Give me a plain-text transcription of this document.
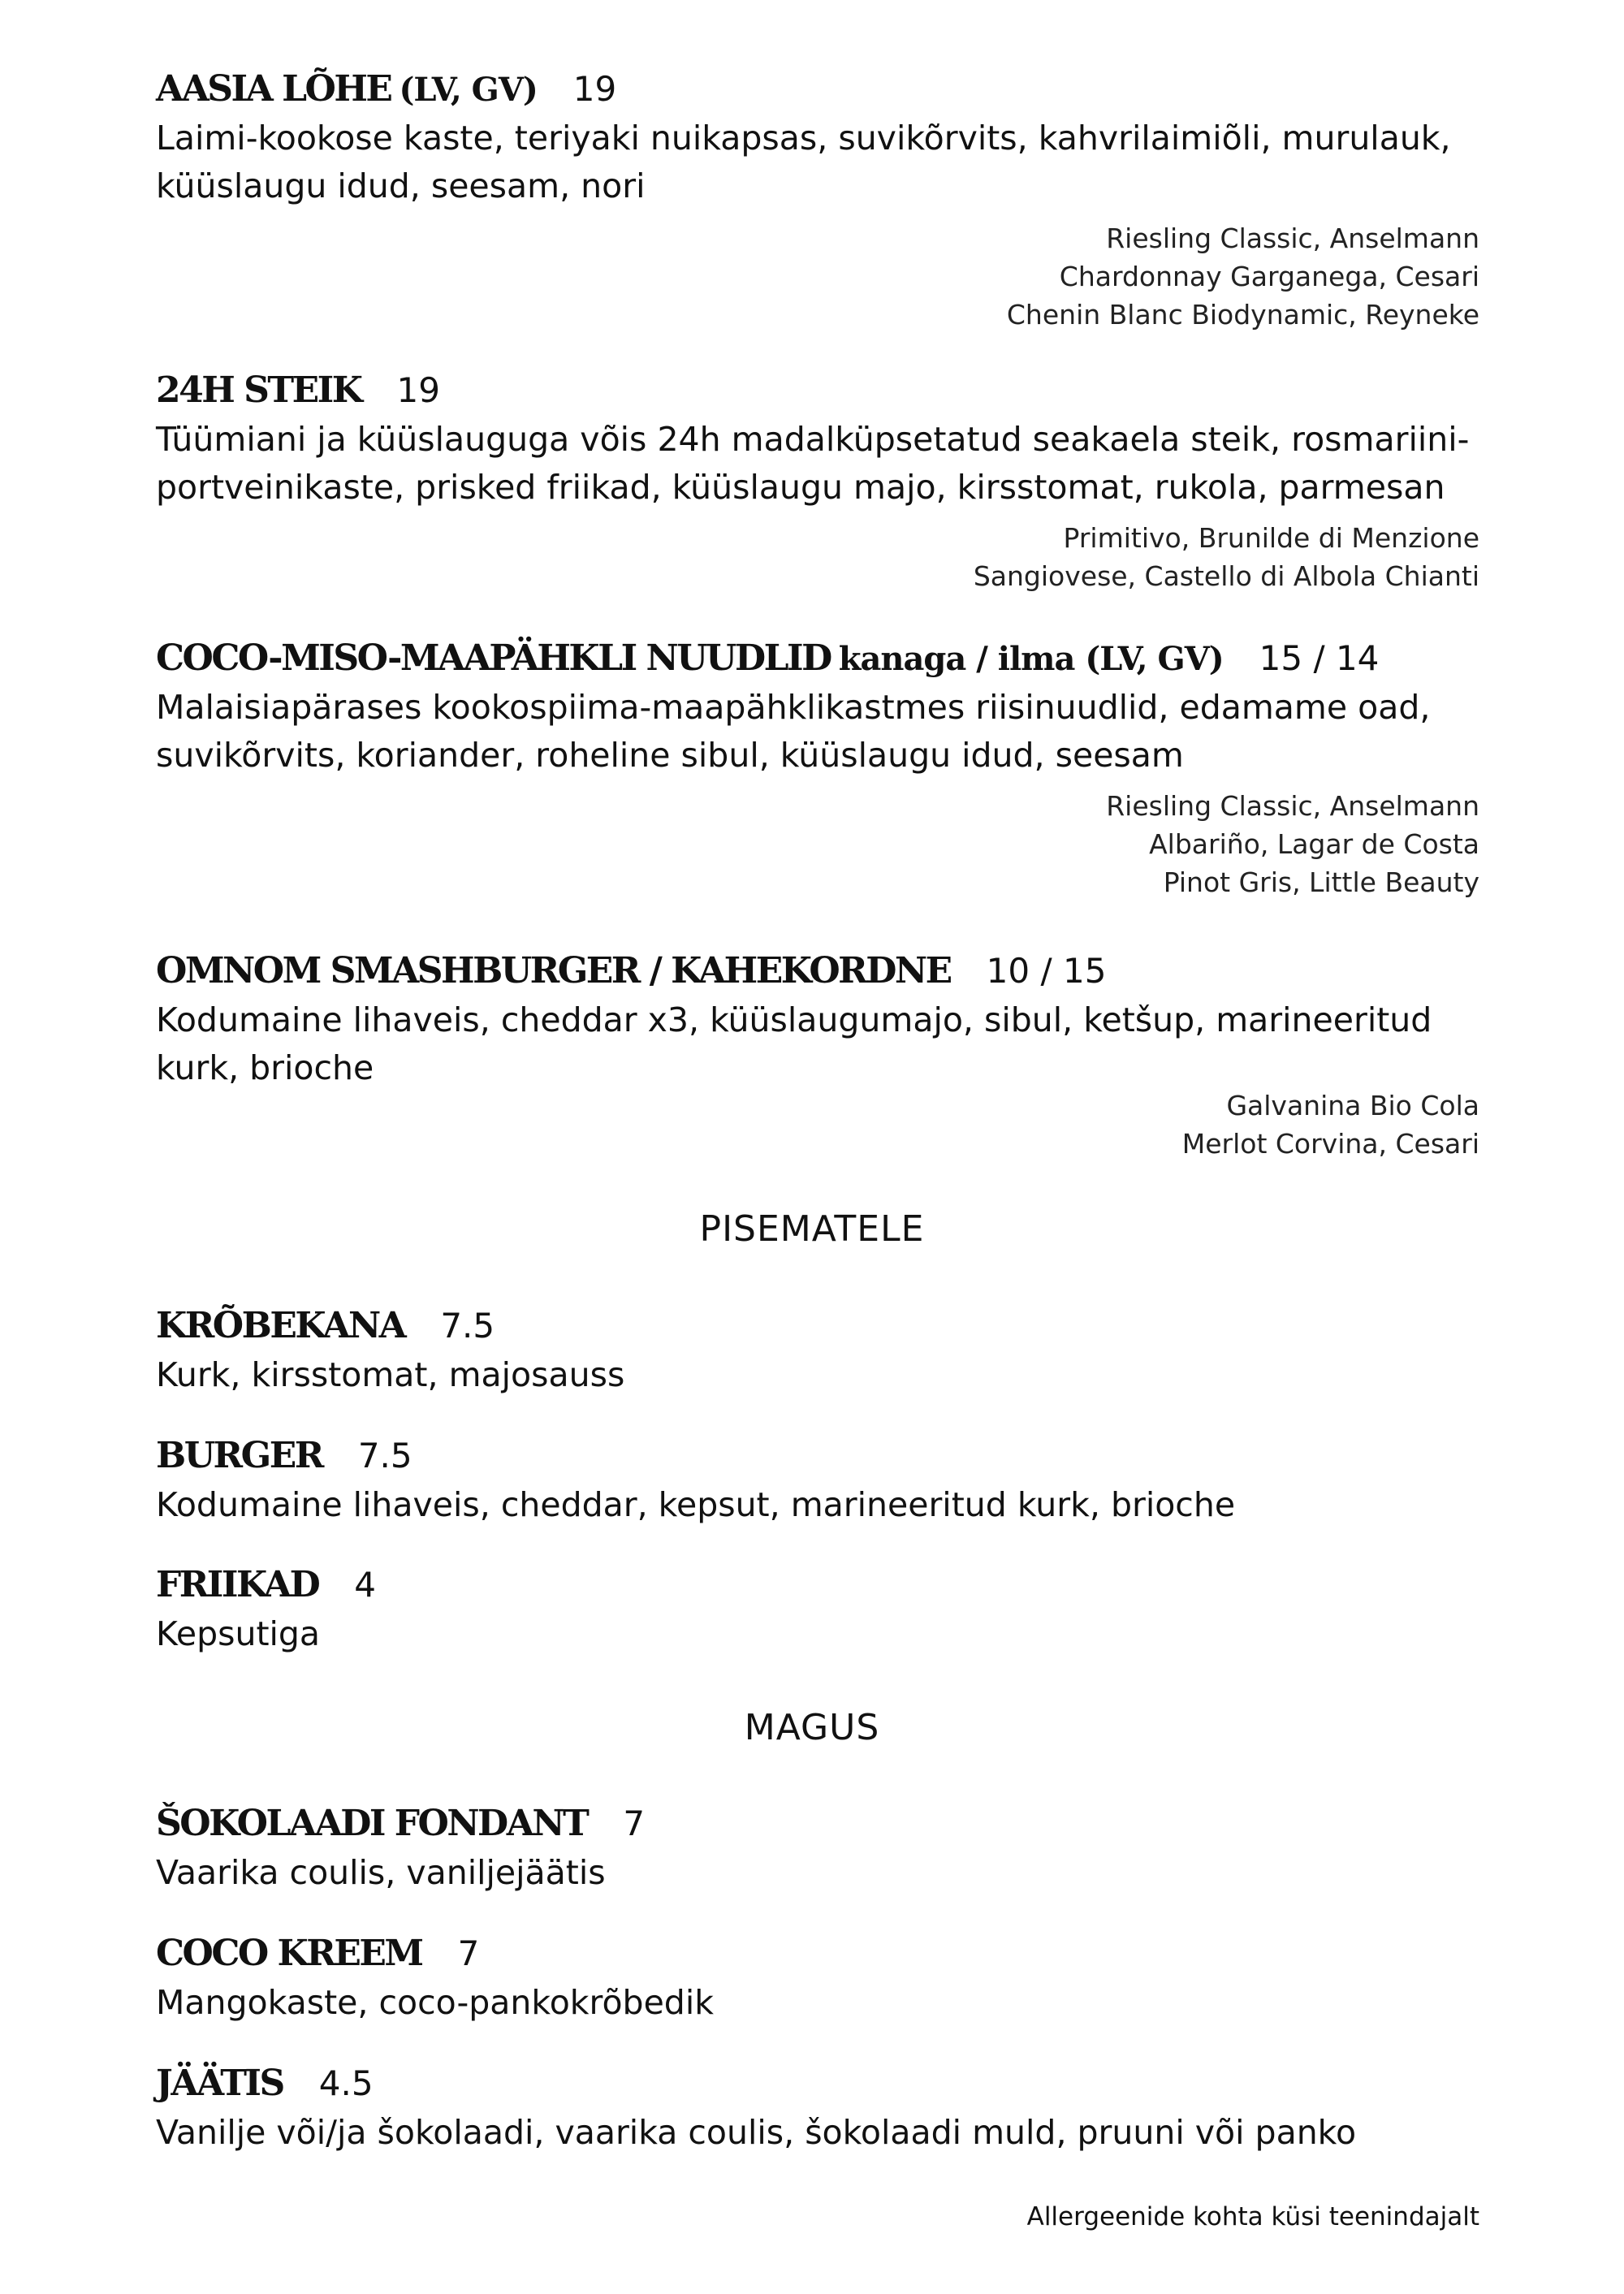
AASIA LÕHE (LV, GV) 19
Laimi-kookose kaste, teriyaki nuikapsas, suvikõrvits, kahvrilaimiõli, murulauk,
küüslaugu idud, seesam, nori
Riesling Classic, Anselmann
Chardonnay Garganega, Cesari
Chenin Blanc Biodynamic, Reyneke
24H STEIK 19
Tüümiani ja küüslauguga võis 24h madalküpsetatud seakaela steik, rosmariini-
portveinikaste, prisked friikad, küüslaugu majo, kirsstomat, rukola, parmesan
Primitivo, Brunilde di Menzione
Sangiovese, Castello di Albola Chianti
COCO-MISO-MAAPÄHKLI NUUDLID kanaga / ilma (LV, GV) 15 / 14
Malaisiapärases kookospiima-maapähklikastmes riisinuudlid, edamame oad,
suvikõrvits, koriander, roheline sibul, küüslaugu idud, seesam
Riesling Classic, Anselmann
Albariño, Lagar de Costa
Pinot Gris, Little Beauty
OMNOM SMASHBURGER / KAHEKORDNE 10 / 15
Kodumaine lihaveis, cheddar x3, küüslaugumajo, sibul, ketšup, marineeritud
kurk, brioche
Galvanina Bio Cola
Merlot Corvina, Cesari
PISEMATELE
KRÕBEKANA 7.5
Kurk, kirsstomat, majosauss
BURGER 7.5
Kodumaine lihaveis, cheddar, kepsut, marineeritud kurk, brioche
FRIIKAD 4
Kepsutiga
MAGUS
ŠOKOLAADI FONDANT 7
Vaarika coulis, vaniljejäätis
COCO KREEM 7
Mangokaste, coco-pankokrõbedik
JÄÄTIS 4.5
Vanilje või/ja šokolaadi, vaarika coulis, šokolaadi muld, pruuni või panko
Allergeenide kohta küsi teenindajalt
